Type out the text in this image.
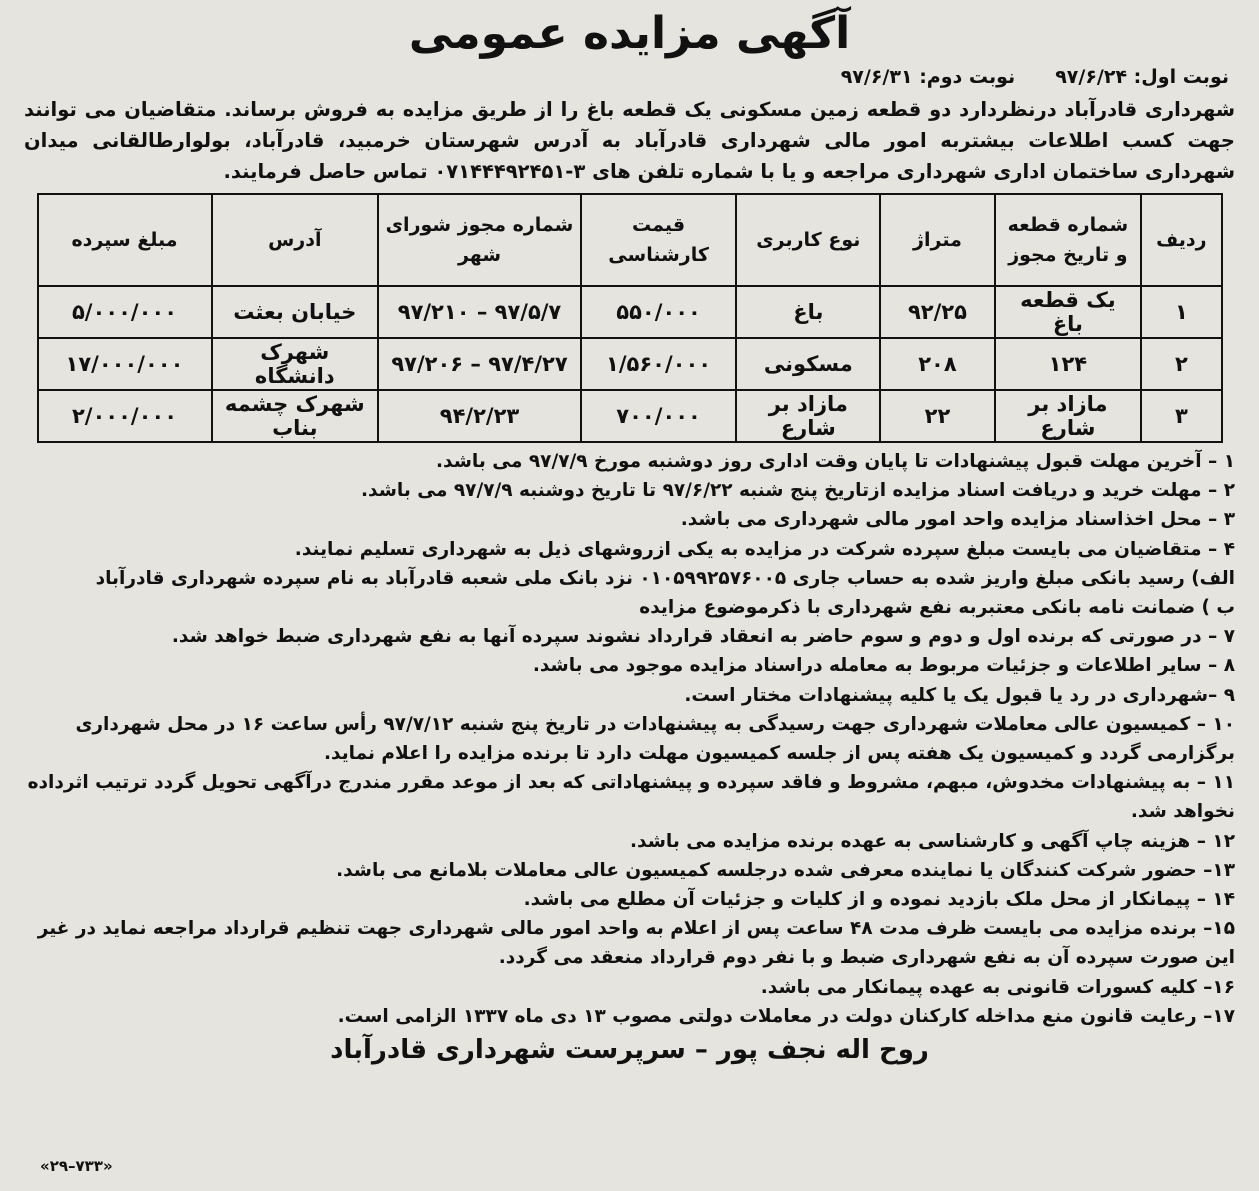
آگهی مزایده عمومی
نوبت اول: ۹۷/۶/۲۴
نوبت دوم: ۹۷/۶/۳۱

شهرداری قادرآباد درنظردارد دو قطعه زمین مسکونی یک قطعه باغ را از طریق مزایده به فروش برساند. متقاضیان می توانند جهت کسب اطلاعات بیشتربه امور مالی شهرداری قادرآباد به آدرس شهرستان خرمبید، قادرآباد، بولوارطالقانی میدان شهرداری ساختمان اداری شهرداری مراجعه و یا با شماره تلفن های ۳-۰۷۱۴۴۴۹۲۴۵۱ تماس حاصل فرمایند.

ردیف	شماره قطعه و تاریخ مجوز	متراژ	نوع کاربری	قیمت کارشناسی	شماره مجوز شورای شهر	آدرس	مبلغ سپرده
۱	یک قطعه باغ	۹۲/۲۵	باغ	۵۵۰/۰۰۰	۹۷/۵/۷ – ۹۷/۲۱۰	خیابان بعثت	۵/۰۰۰/۰۰۰
۲	۱۲۴	۲۰۸	مسکونی	۱/۵۶۰/۰۰۰	۹۷/۴/۲۷ – ۹۷/۲۰۶	شهرک دانشگاه	۱۷/۰۰۰/۰۰۰
۳	مازاد بر شارع	۲۲	مازاد بر شارع	۷۰۰/۰۰۰	۹۴/۲/۲۳	شهرک چشمه بناب	۲/۰۰۰/۰۰۰

۱ – آخرین مهلت قبول پیشنهادات تا پایان وقت اداری روز دوشنبه مورخ ۹۷/۷/۹ می باشد.

۲ – مهلت خرید و دریافت اسناد مزایده ازتاریخ پنج شنبه ۹۷/۶/۲۲ تا تاریخ دوشنبه ۹۷/۷/۹ می باشد.

۳ – محل اخذاسناد مزایده واحد امور مالی شهرداری می باشد.

۴ – متقاضیان می بایست مبلغ سپرده شرکت در مزایده به یکی ازروشهای ذیل به شهرداری تسلیم نمایند.

الف) رسید بانکی مبلغ واریز شده به حساب جاری ۰۱۰۵۹۹۲۵۷۶۰۰۵ نزد بانک ملی شعبه قادرآباد به نام سپرده شهرداری قادرآباد

ب ) ضمانت نامه بانکی معتبربه نفع شهرداری با ذکرموضوع مزایده

۷ – در صورتی که برنده اول و دوم و سوم حاضر به انعقاد قرارداد نشوند سپرده آنها به نفع شهرداری ضبط خواهد شد.

۸ – سایر اطلاعات و جزئیات مربوط به معامله دراسناد مزایده موجود می باشد.

۹ –شهرداری در رد یا قبول یک یا کلیه پیشنهادات مختار است.

۱۰ – کمیسیون عالی معاملات شهرداری جهت رسیدگی به پیشنهادات در تاریخ پنج شنبه ۹۷/۷/۱۲ رأس ساعت ۱۶ در محل شهرداری برگزارمی گردد و کمیسیون یک هفته پس از جلسه کمیسیون مهلت دارد تا برنده مزایده را اعلام نماید.

۱۱ – به پیشنهادات مخدوش، مبهم، مشروط و فاقد سپرده و پیشنهاداتی که بعد از موعد مقرر مندرج درآگهی تحویل گردد ترتیب اثرداده نخواهد شد.

۱۲ – هزینه چاپ آگهی و کارشناسی به عهده برنده مزایده می باشد.

۱۳– حضور شرکت کنندگان یا نماینده معرفی شده درجلسه کمیسیون عالی معاملات بلامانع می باشد.

۱۴ – پیمانکار از محل ملک بازدید نموده و از کلیات و جزئیات آن مطلع می باشد.

۱۵– برنده مزایده می بایست ظرف مدت ۴۸ ساعت پس از اعلام به واحد امور مالی شهرداری جهت تنظیم قرارداد مراجعه نماید در غیر این صورت سپرده آن به نفع شهرداری ضبط و با نفر دوم قرارداد منعقد می گردد.

۱۶– کلیه کسورات قانونی به عهده پیمانکار می باشد.

۱۷– رعایت قانون منع مداخله کارکنان دولت در معاملات دولتی مصوب ۱۳ دی ماه ۱۳۳۷ الزامی است.

روح اله نجف پور – سرپرست شهرداری قادرآباد
«۲۹–۷۳۳»
